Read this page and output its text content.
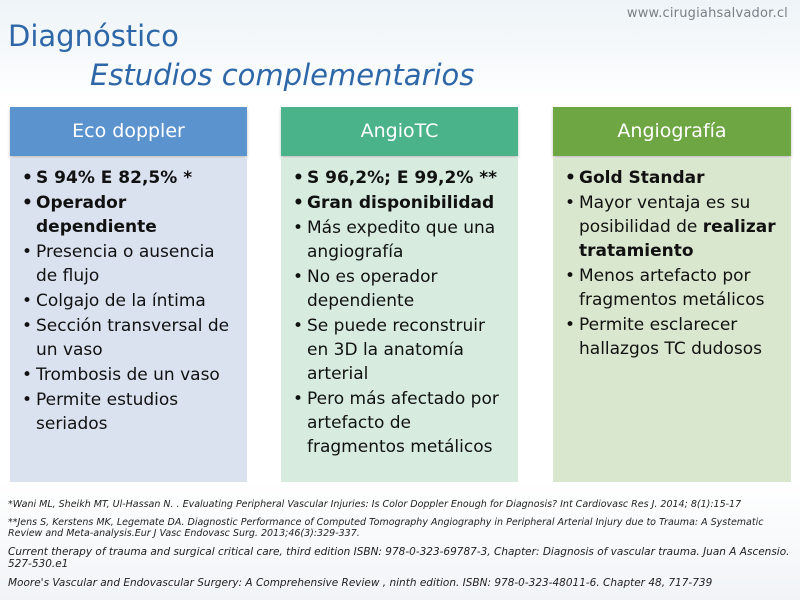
www.cirugiahsalvador.cl
Diagnóstico
Estudios complementarios
Eco doppler
• S 94% E 82,5% *
• Operador dependiente
• Presencia o ausencia de flujo
• Colgajo de la íntima
• Sección transversal de un vaso
• Trombosis de un vaso
• Permite estudios seriados
AngioTC
• S 96,2%; E 99,2% **
• Gran disponibilidad
• Más expedito que una angiografía
• No es operador dependiente
• Se puede reconstruir en 3D la anatomía arterial
• Pero más afectado por artefacto de fragmentos metálicos
Angiografía
• Gold Standar
• Mayor ventaja es su posibilidad de realizar tratamiento
• Menos artefacto por fragmentos metálicos
• Permite esclarecer hallazgos TC dudosos

*Wani ML, Sheikh MT, Ul-Hassan N. . Evaluating Peripheral Vascular Injuries: Is Color Doppler Enough for Diagnosis? Int Cardiovasc Res J. 2014; 8(1):15-17

**Jens S, Kerstens MK, Legemate DA. Diagnostic Performance of Computed Tomography Angiography in Peripheral Arterial Injury due to Trauma: A Systematic Review and Meta-analysis.Eur J Vasc Endovasc Surg. 2013;46(3):329-337.

Current therapy of trauma and surgical critical care, third edition ISBN: 978-0-323-69787-3, Chapter: Diagnosis of vascular trauma. Juan A Ascensio. 527-530.e1

Moore's Vascular and Endovascular Surgery: A Comprehensive Review , ninth edition. ISBN: 978-0-323-48011-6. Chapter 48, 717-739
